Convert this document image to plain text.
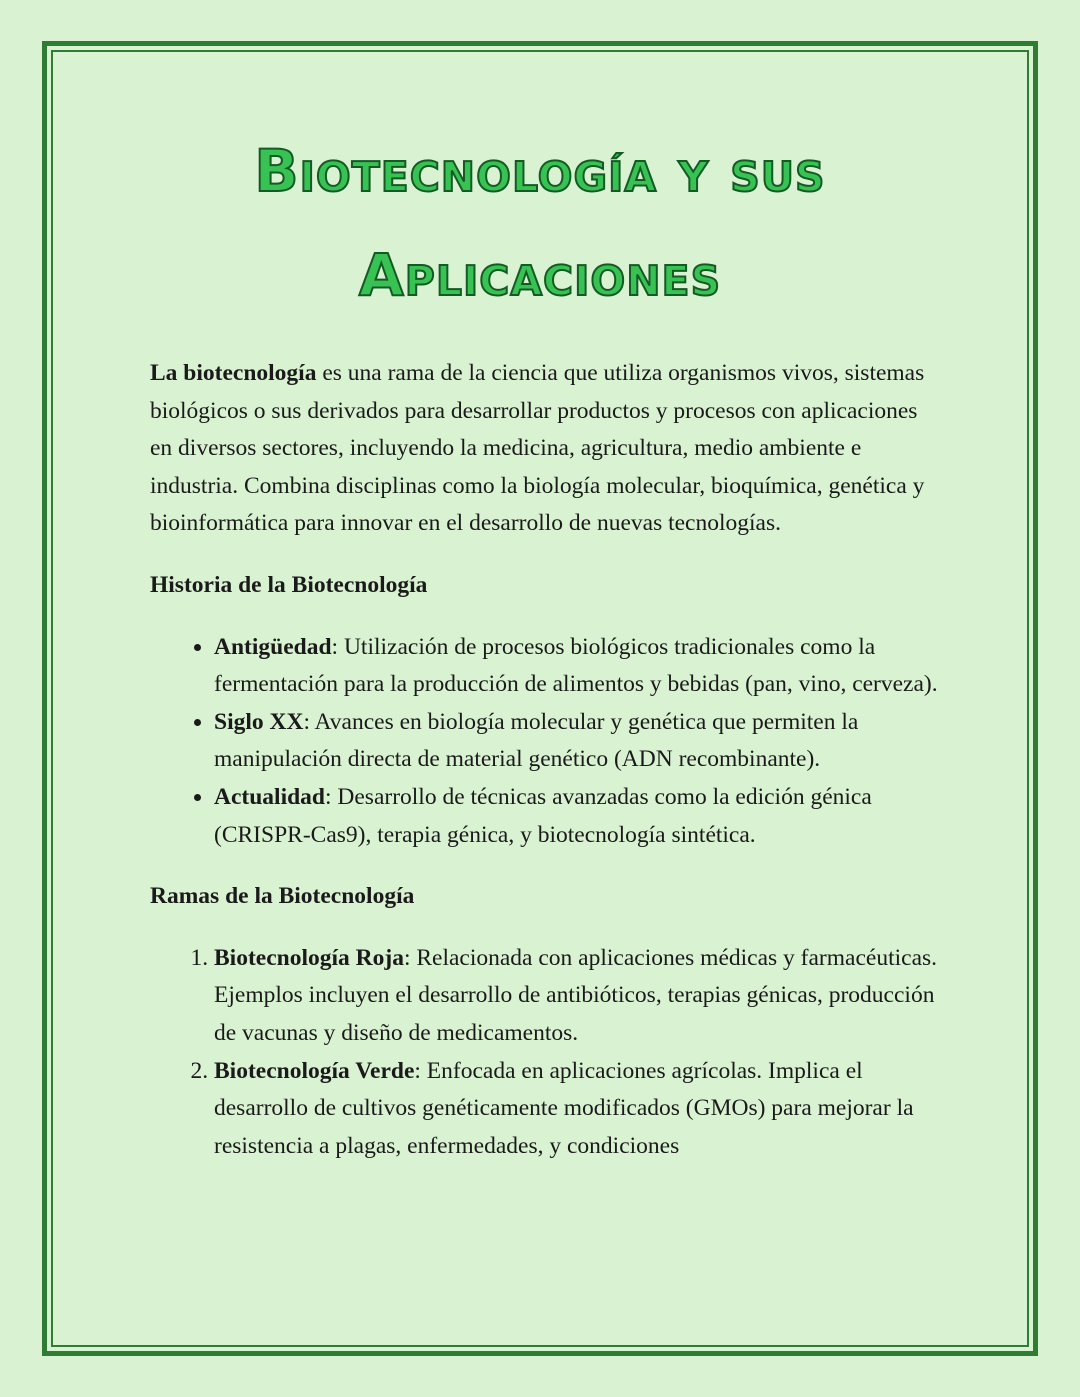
Biotecnología y sus
Aplicaciones

La biotecnología es una rama de la ciencia que utiliza organismos vivos, sistemas biológicos o sus derivados para desarrollar productos y procesos con aplicaciones en diversos sectores, incluyendo la medicina, agricultura, medio ambiente e industria. Combina disciplinas como la biología molecular, bioquímica, genética y bioinformática para innovar en el desarrollo de nuevas tecnologías.

Historia de la Biotecnología

• Antigüedad: Utilización de procesos biológicos tradicionales como la fermentación para la producción de alimentos y bebidas (pan, vino, cerveza).
• Siglo XX: Avances en biología molecular y genética que permiten la manipulación directa de material genético (ADN recombinante).
• Actualidad: Desarrollo de técnicas avanzadas como la edición génica (CRISPR-Cas9), terapia génica, y biotecnología sintética.

Ramas de la Biotecnología

1. Biotecnología Roja: Relacionada con aplicaciones médicas y farmacéuticas. Ejemplos incluyen el desarrollo de antibióticos, terapias génicas, producción de vacunas y diseño de medicamentos.
2. Biotecnología Verde: Enfocada en aplicaciones agrícolas. Implica el desarrollo de cultivos genéticamente modificados (GMOs) para mejorar la resistencia a plagas, enfermedades, y condiciones
